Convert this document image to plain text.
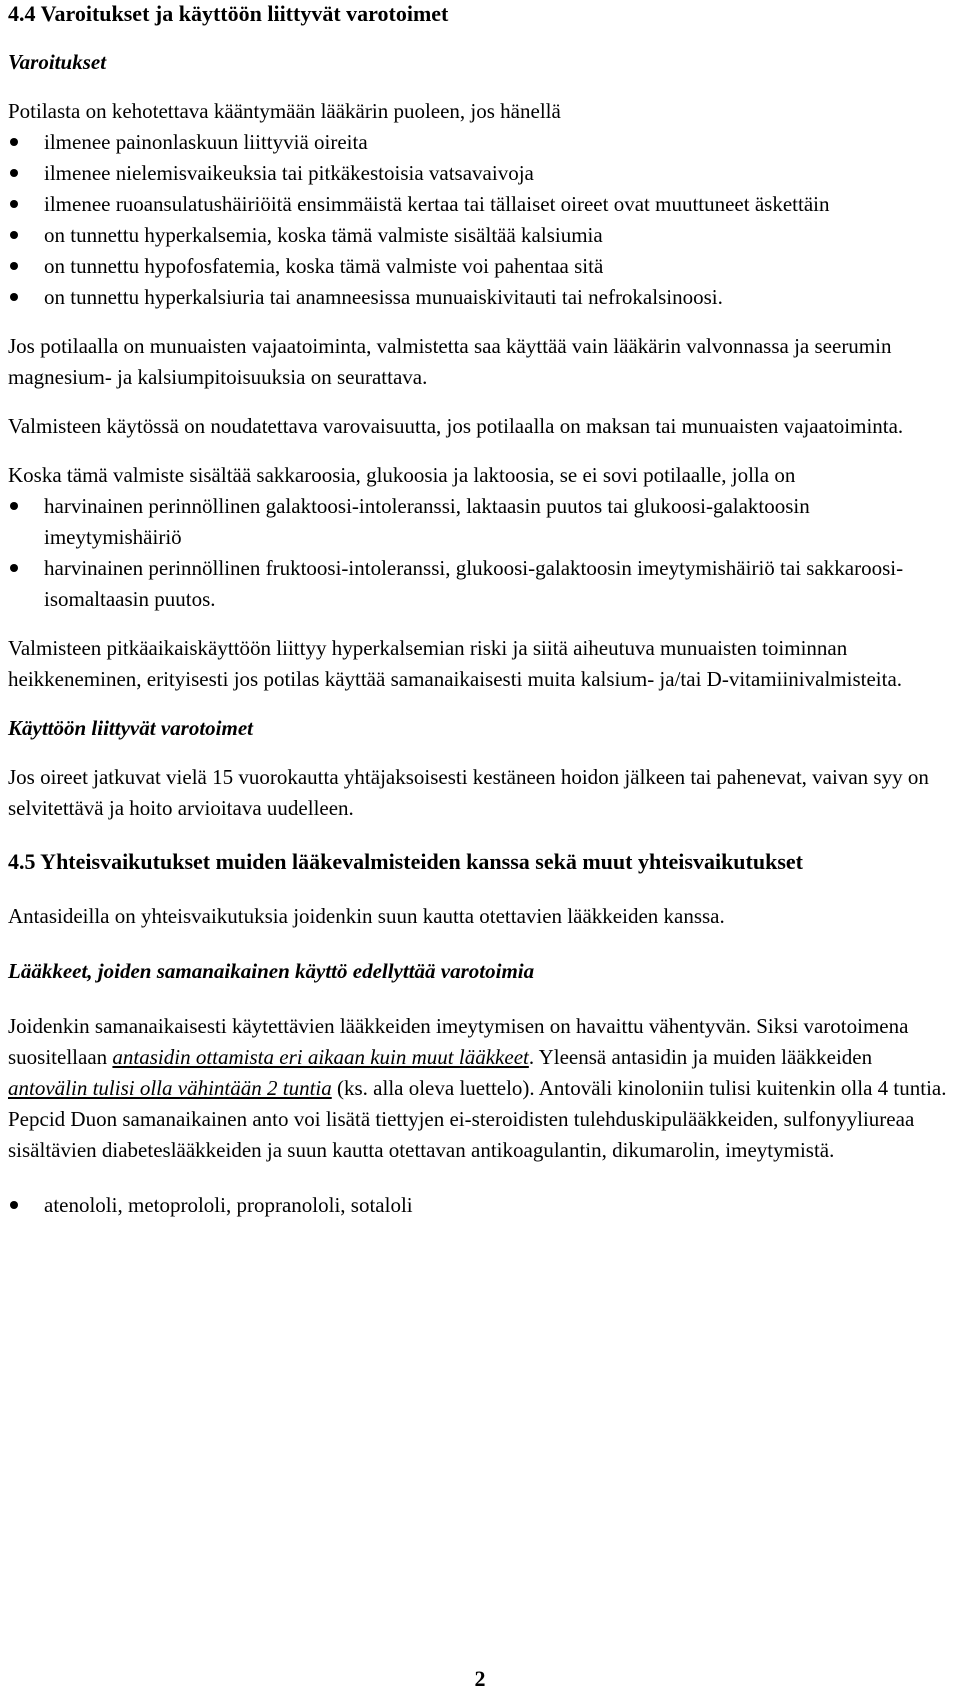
4.4 Varoitukset ja käyttöön liittyvät varotoimet
Varoitukset

Potilasta on kehotettava kääntymään lääkärin puoleen, jos hänellä

ilmenee painonlaskuun liittyviä oireita
ilmenee nielemisvaikeuksia tai pitkäkestoisia vatsavaivoja
ilmenee ruoansulatushäiriöitä ensimmäistä kertaa tai tällaiset oireet ovat muuttuneet äskettäin
on tunnettu hyperkalsemia, koska tämä valmiste sisältää kalsiumia
on tunnettu hypofosfatemia, koska tämä valmiste voi pahentaa sitä
on tunnettu hyperkalsiuria tai anamneesissa munuaiskivitauti tai nefrokalsinoosi.

Jos potilaalla on munuaisten vajaatoiminta, valmistetta saa käyttää vain lääkärin valvonnassa ja seerumin magnesium- ja kalsiumpitoisuuksia on seurattava.

Valmisteen käytössä on noudatettava varovaisuutta, jos potilaalla on maksan tai munuaisten vajaatoiminta.

Koska tämä valmiste sisältää sakkaroosia, glukoosia ja laktoosia, se ei sovi potilaalle, jolla on

harvinainen perinnöllinen galaktoosi-intoleranssi, laktaasin puutos tai glukoosi-galaktoosin imeytymishäiriö
harvinainen perinnöllinen fruktoosi-intoleranssi, glukoosi-galaktoosin imeytymishäiriö tai sakkaroosi-isomaltaasin puutos.

Valmisteen pitkäaikaiskäyttöön liittyy hyperkalsemian riski ja siitä aiheutuva munuaisten toiminnan heikkeneminen, erityisesti jos potilas käyttää samanaikaisesti muita kalsium- ja/tai D-vitamiinivalmisteita.

Käyttöön liittyvät varotoimet

Jos oireet jatkuvat vielä 15 vuorokautta yhtäjaksoisesti kestäneen hoidon jälkeen tai pahenevat, vaivan syy on selvitettävä ja hoito arvioitava uudelleen.

4.5 Yhteisvaikutukset muiden lääkevalmisteiden kanssa sekä muut yhteisvaikutukset

Antasideilla on yhteisvaikutuksia joidenkin suun kautta otettavien lääkkeiden kanssa.

Lääkkeet, joiden samanaikainen käyttö edellyttää varotoimia

Joidenkin samanaikaisesti käytettävien lääkkeiden imeytymisen on havaittu vähentyvän. Siksi varotoimena suositellaan antasidin ottamista eri aikaan kuin muut lääkkeet. Yleensä antasidin ja muiden lääkkeiden antovälin tulisi olla vähintään 2 tuntia (ks. alla oleva luettelo). Antoväli kinoloniin tulisi kuitenkin olla 4 tuntia. Pepcid Duon samanaikainen anto voi lisätä tiettyjen ei-steroidisten tulehduskipulääkkeiden, sulfonyyliureaa sisältävien diabeteslääkkeiden ja suun kautta otettavan antikoagulantin, dikumarolin, imeytymistä.

atenololi, metoprololi, propranololi, sotaloli
2
